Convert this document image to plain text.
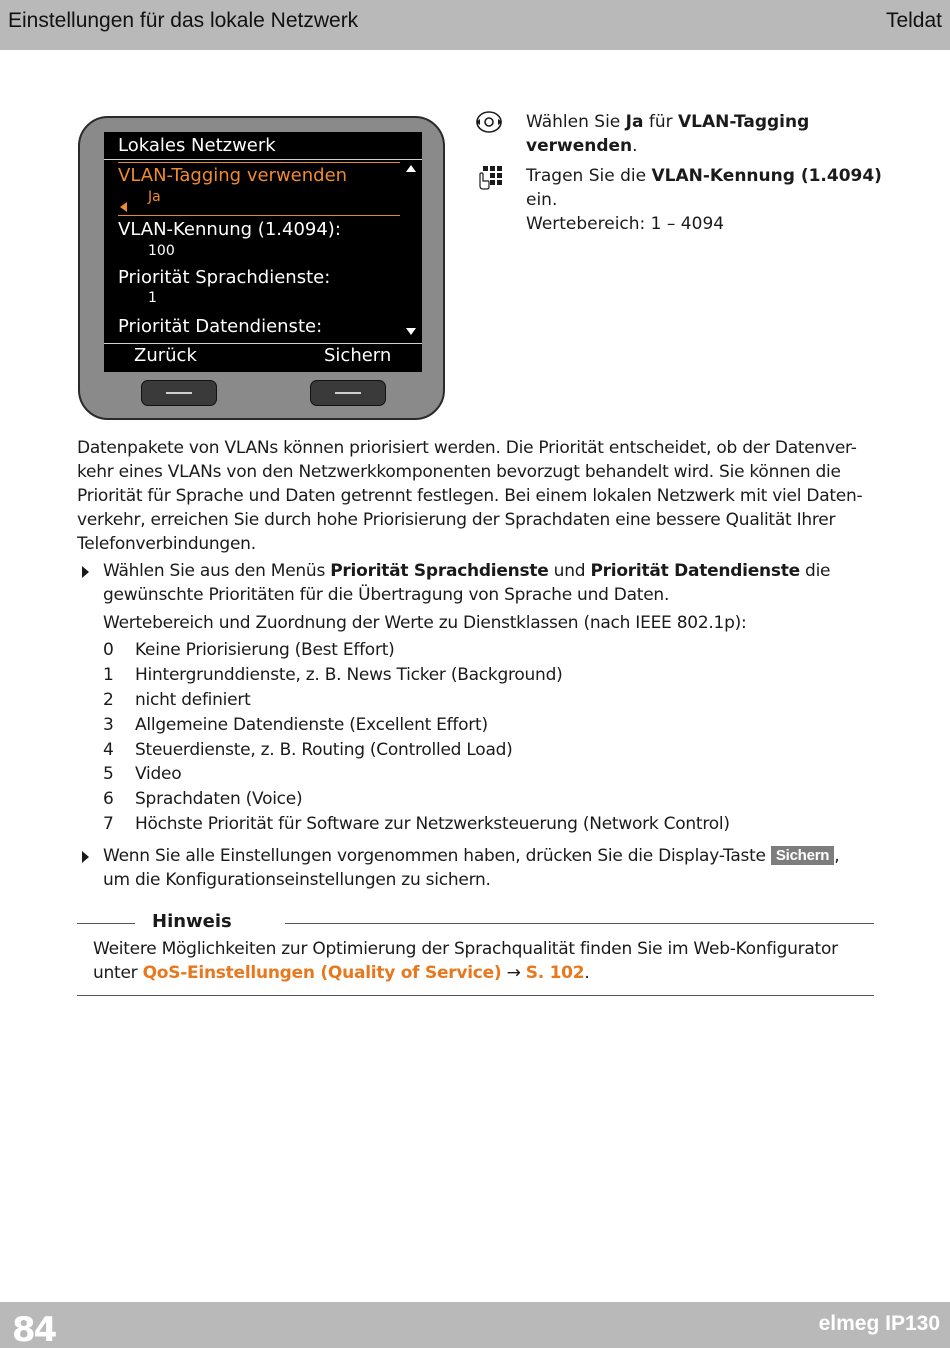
Einstellungen für das lokale Netzwerk	Teldat
Lokales Netzwerk
VLAN-Tagging verwenden
Ja
VLAN-Kennung (1.4094):
100
Priorität Sprachdienste:
1
Priorität Datendienste:
Zurück	Sichern
Wählen Sie Ja für VLAN-Tagging verwenden.
Tragen Sie die VLAN-Kennung (1.4094) ein.
Wertebereich: 1 – 4094
Datenpakete von VLANs können priorisiert werden. Die Priorität entscheidet, ob der Datenver-
kehr eines VLANs von den Netzwerkkomponenten bevorzugt behandelt wird. Sie können die
Priorität für Sprache und Daten getrennt festlegen. Bei einem lokalen Netzwerk mit viel Daten-
verkehr, erreichen Sie durch hohe Priorisierung der Sprachdaten eine bessere Qualität Ihrer
Telefonverbindungen.
Wählen Sie aus den Menüs Priorität Sprachdienste und Priorität Datendienste die
gewünschte Prioritäten für die Übertragung von Sprache und Daten.
Wertebereich und Zuordnung der Werte zu Dienstklassen (nach IEEE 802.1p):
0 Keine Priorisierung (Best Effort)
1 Hintergrunddienste, z. B. News Ticker (Background)
2 nicht definiert
3 Allgemeine Datendienste (Excellent Effort)
4 Steuerdienste, z. B. Routing (Controlled Load)
5 Video
6 Sprachdaten (Voice)
7 Höchste Priorität für Software zur Netzwerksteuerung (Network Control)
Wenn Sie alle Einstellungen vorgenommen haben, drücken Sie die Display-Taste Sichern ,
um die Konfigurationseinstellungen zu sichern.
Hinweis
Weitere Möglichkeiten zur Optimierung der Sprachqualität finden Sie im Web-Konfigurator
unter QoS-Einstellungen (Quality of Service) → S. 102.
84	elmeg IP130
